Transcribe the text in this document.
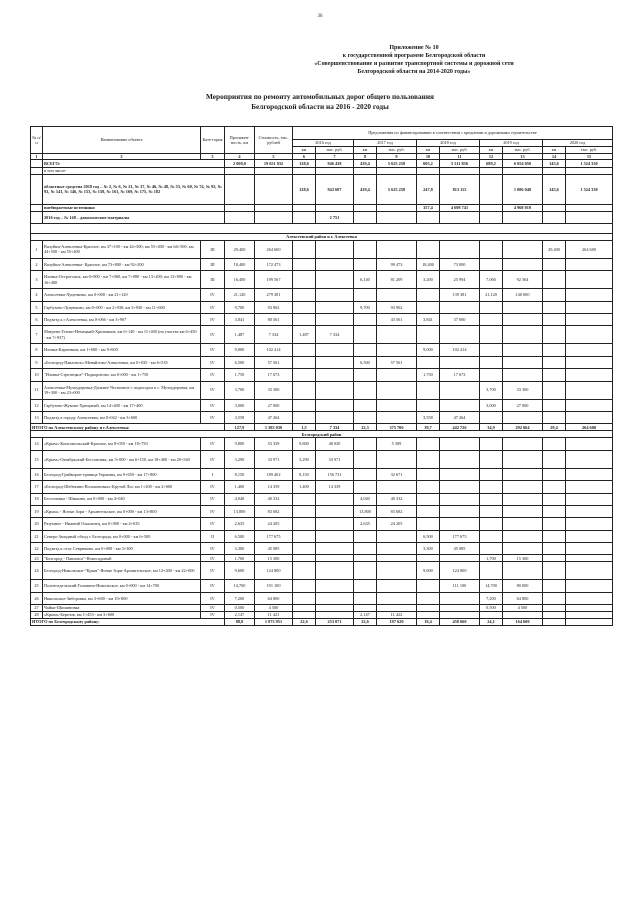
36
Приложение № 10
к государственной программе Белгородской области
«Совершенствование и развитие транспортной системы и дорожной сети
Белгородской области на 2014-2020 годы»
Мероприятия по ремонту автомобильных дорог общего пользования
Белгородской области на 2016 - 2020 годы
№ п/п	Наименование объекта	Кате-гория	Протяжен-ность, км	Стоимость, тыс. рублей	Предложения по финансированию в соответствии с кредитами и дорожными строительстве									
					2016 год		2017 год		2018 год		2019 год		2020 год	
					км	тыс. руб.	км	тыс. руб.	км	тыс. руб.	км	тыс. руб.	км	тыс. руб.
1	2	3	4	5	6	7	8	9	10	11	12	13	14	15
	ВСЕГО:		2 008,0	19 651 932	128,6	946 438	439,4	5 625 258	605,2	5 511 856	689,2	6 054 050	145,6	1 524 330
	в том числе:													
	областные средства 2018 год – № 2, № 6, № 21, № 37, № 46, № 48, № 53, № 60, № 74, № 92, № 93, № 141, № 146, № 153, № 158, № 161, № 169, № 175, № 182				128,6	943 687	439,4	5 625 258	247,8	813 115		1 086 040	145,6	1 524 330
	внебюджетные источники								357,4	4 698 741		4 968 010		
	2016 год – № 140 – давальческие материалы					2 751								

Алексеевский район и г. Алексеевка														
1	Валуйки-Алексеевка-Красное, км 37+100 - км 44+500; км 55+400 - км 64+500; км 44+500 - км 55+400	III	29,400	264 600									29,400	264 600
2	Валуйки-Алексеевка- Красное, км 73+800 - км 92+200	III	18,400	172 473				99 473	18,400	73 000				
3	Иловка-Острогожск, км 0+000 - км 7+060, км 7+080 - км 13+200; км 13+800 - км 16+400	III	16,400	199 567			6,140	81 209	3,200	25 994	7,060	92 364		
4	Алексеевка-Луценково, км 0+000 - км 21+120	IV	21,120	279 381						139 381	21,120	140 000		
5	Гарбузово-Луценково, км 0+000 - км 2+030; км 3+930 - км 11+600	IV	9,700	93 902			9,700	93 902						
6	Подъезд к г.Алексеевка, км 0+066 - км 3+907	IV	3,841	80 561				43 561	3,841	37 000				
7	Матрено-Гезово-Немецкий-Хрипчиков, км 6+140 - км 11+400 (на участке км 6+450 - км 7+937)	IV	1,487	7 334	1,487	7 334								
8	Иловка-Карпенков, км 1+600 - км 9+600	IV	9,000	102 414					9,000	102 414				
9	«Белгород-Павловск»-Меняйлово-Алексеевка, км 0+035 - км 6+535	IV	6,500	57 561			6,500	57 561						
10	"Иловка-Стрелецкое"-Подкоритово, км 0+000 - км 1+750	IV	1,750	17 673					1,750	17 673				
11	Алексеевка-Мухоудеровка-Дальнее Чесночное с подъездом к с. Мухоудеровка, км 19+300 - км 23+000	IV	3,700	33 300							3,700	33 300		
12	Гарбузово-Жуково-Хрещатый, км 14+400 - км 17+400	IV	3,000	27 000							3,000	27 000		
13	Подъезд к городу Алексеевка, км 0+042 - км 3+600	IV	3,558	47 264					3,558	47 264				
ИТОГО по Алексеевскому району и г.Алексеевка:			127,9	1 383 030	1,5	7 334	22,3	375 706	39,7	442 726	34,9	292 664	29,4	264 600
Белгородский район														
14	«Крым»-Комсомольский-Красное, км 8+050 - км 18+750	IV	9,800	53 339	9,800	48 030		5 309						
15	«Крым»-Октябрьский-Бессоновка, км 5+000 - км 6+150, км 18+400 - км 20+540	IV	3,290	33 971	3,290	33 971								
16	Белгород-Грайворон-граница Украины, км 9+650 - км 17+800	I	8,150	189 402	8,150	156 731		32 671						
17	«Белгород-Шебекино-Волоконовка»-Крутой Лог, км 1+200 - км 2+600	IV	1,400	14 339	1,400	14 339								
18	Бессоновка - Шишино, км 0+000 - км 4+040	IV	4,040	40 332			4,040	40 332						
19	«Крым» - Ясные Зори - Архангельское, км 0+000 - км 13+800	IV	13,800	83 682			13,800	83 682						
20	Разумное - Нижний Ольшанец, км 0+000 - км 2+635	IV	2,635	24 205			2,635	24 205						
21	Северо-Западный обход г. Белгорода, км 0+000 - км 6+500	II	6,500	177 675					6,500	177 675				
22	Подъезд к селу Севрюково, км 0+000 - км 3+300	IV	3,300	45 085					3,300	45 085				
23	"Белгород - Павловск"-Новосадовый	IV	1,700	15 300							1,700	15 300		
24	Белгород-Никольское-"Крым"-Ясные Зори-Архангельское, км 12+400 - км 22+000	IV	9,600	124 800					9,600	124 800				
25	Политотдельский-Головино-Никольское, км 0+000 - км 14+700	IV	14,700	191 100						111 100	14,700	80 000		
26	Никольское-Зиборовка, км 3+600 - км 10+800	IV	7,200	64 800							7,200	64 800		
27	Чайки-Шишиновка	IV	0,500	4 500							0,500	4 500		
28	«Крым»-Березов, км 1+453 - км 3+600	IV	2,147	11 421			2,147	11 422						
ИТОГО по Белгородскому району:			88,8	1 073 951	22,6	253 071	22,6	197 620	19,4	458 660	24,1	164 600		
